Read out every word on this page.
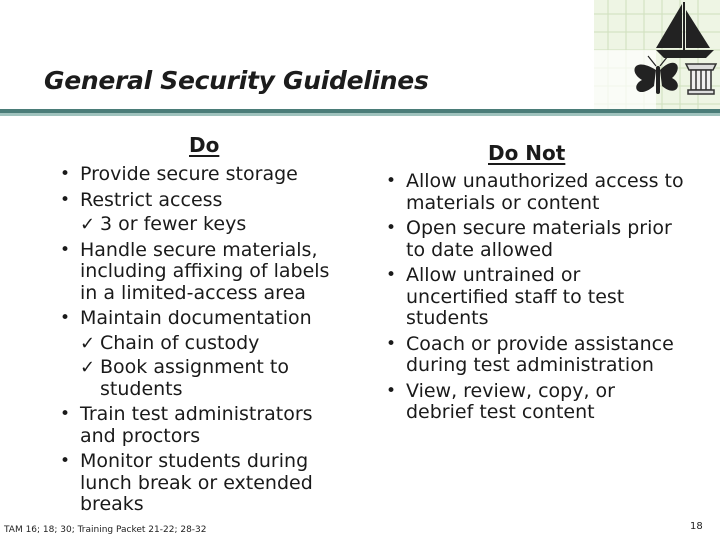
General Security Guidelines
Do
• Provide secure storage
• Restrict access
✓ 3 or fewer keys
• Handle secure materials, including affixing of labels in a limited-access area
• Maintain documentation
✓ Chain of custody
✓ Book assignment to students
• Train test administrators and proctors
• Monitor students during lunch break or extended breaks
Do Not
• Allow unauthorized access to materials or content
• Open secure materials prior to date allowed
• Allow untrained or uncertified staff to test students
• Coach or provide assistance during test administration
• View, review, copy, or debrief test content
TAM 16; 18; 30; Training Packet 21-22; 28-32	18
